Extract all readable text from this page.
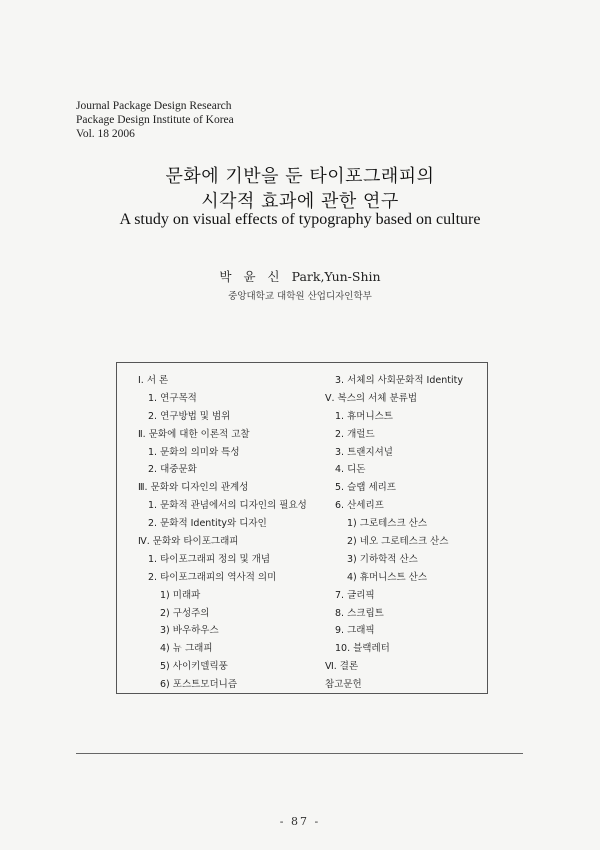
Journal Package Design Research
Package Design Institute of Korea
Vol. 18 2006
문화에 기반을 둔 타이포그래피의
시각적 효과에 관한 연구
A study on visual effects of typography based on culture
박 윤 신 Park,Yun-Shin
중앙대학교 대학원 산업디자인학부
Ⅰ. 서 론
1. 연구목적
2. 연구방법 및 범위
Ⅱ. 문화에 대한 이론적 고찰
1. 문화의 의미와 특성
2. 대중문화
Ⅲ. 문화와 디자인의 관계성
1. 문화적 관념에서의 디자인의 필요성
2. 문화적 Identity와 디자인
Ⅳ. 문화와 타이포그래피
1. 타이포그래피 정의 및 개념
2. 타이포그래피의 역사적 의미
1) 미래파
2) 구성주의
3) 바우하우스
4) 뉴 그래피
5) 사이키델릭풍
6) 포스트모더니즘
3. 서체의 사회문화적 Identity
Ⅴ. 복스의 서체 분류법
1. 휴머니스트
2. 개럴드
3. 트랜지셔널
4. 디돈
5. 슬랩 세리프
6. 산세리프
1) 그로테스크 산스
2) 네오 그로테스크 산스
3) 기하학적 산스
4) 휴머니스트 산스
7. 글리픽
8. 스크립트
9. 그래픽
10. 블랙레터
Ⅵ. 결론
참고문헌
- 87 -
